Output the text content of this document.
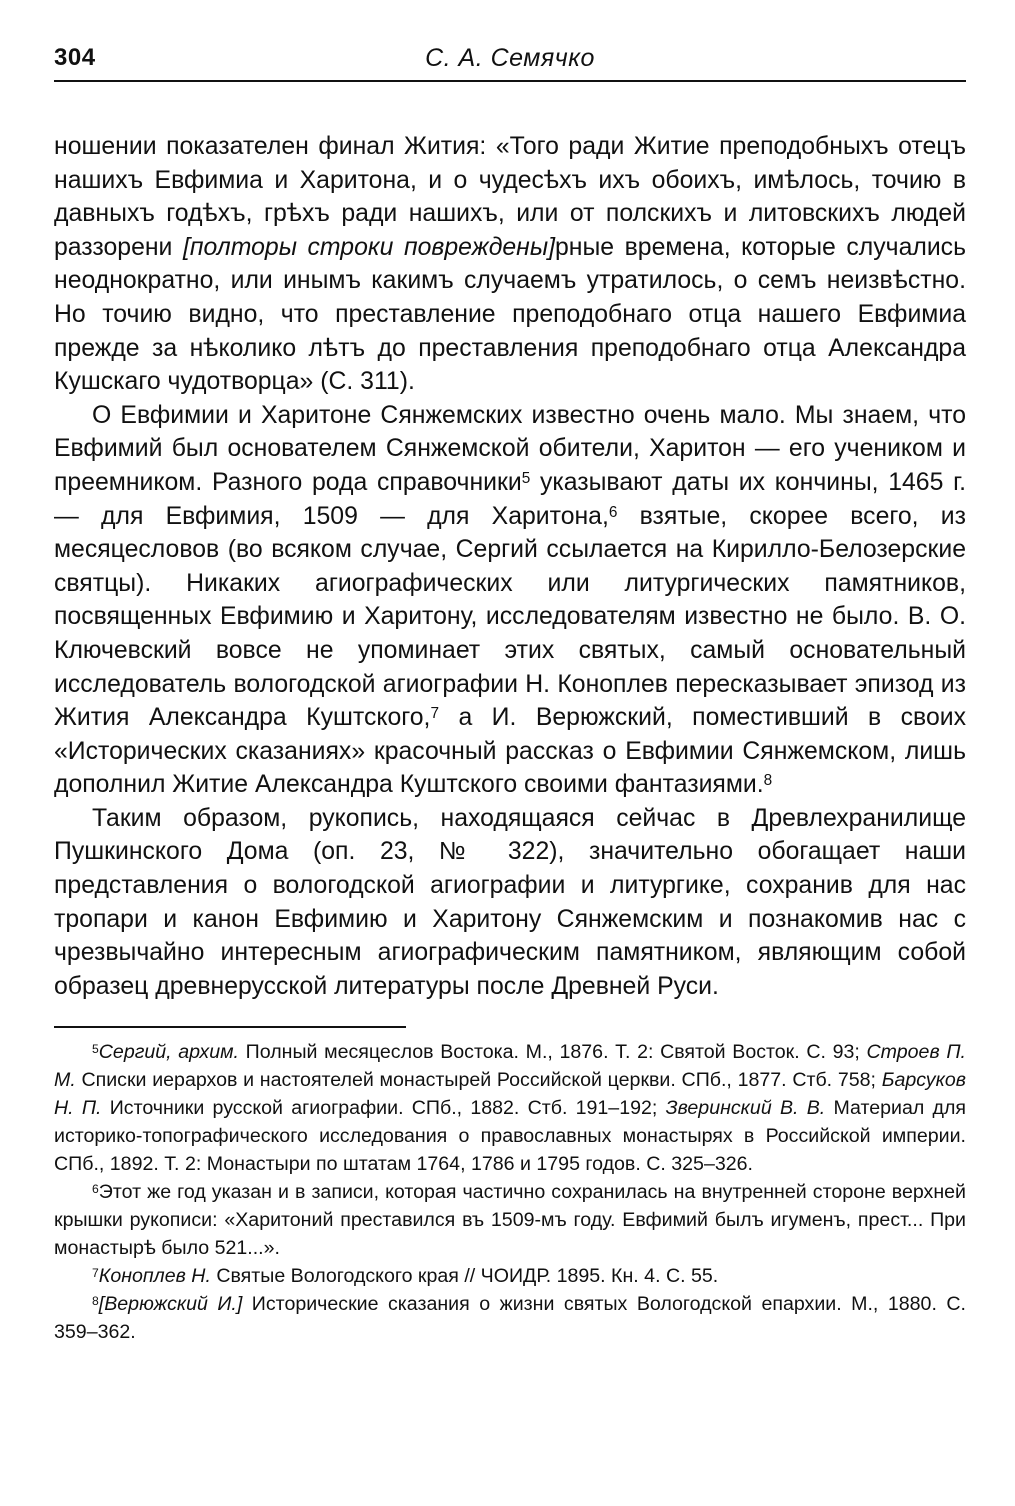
304	С. А. Семячко

ношении показателен финал Жития: «Того ради Житие преподобныхъ отецъ нашихъ Евфимиа и Харитона, и о чудесѣхъ ихъ обоихъ, имѣлось, точию в давныхъ годѣхъ, грѣхъ ради нашихъ, или от полскихъ и литовскихъ людей раззорени [полторы строки повреждены]рные времена, которые случались неоднократно, или инымъ какимъ случаемъ утратилось, о семъ неизвѣстно. Но точию видно, что преставление преподобнаго отца нашего Евфимиа прежде за нѣколико лѣтъ до преставления преподобнаго отца Александра Кушскаго чудотворца» (С. 311).

О Евфимии и Харитоне Сянжемских известно очень мало. Мы знаем, что Евфимий был основателем Сянжемской обители, Харитон — его учеником и преемником. Разного рода справочники$^5$ указывают даты их кончины, 1465 г. — для Евфимия, 1509 — для Харитона,$^6$ взятые, скорее всего, из месяцесловов (во всяком случае, Сергий ссылается на Кирилло-Белозерские святцы). Никаких агиографических или литургических памятников, посвященных Евфимию и Харитону, исследователям известно не было. В. О. Ключевский вовсе не упоминает этих святых, самый основательный исследователь вологодской агиографии Н. Коноплев пересказывает эпизод из Жития Александра Куштского,$^7$ а И. Верюжский, поместивший в своих «Исторических сказаниях» красочный рассказ о Евфимии Сянжемском, лишь дополнил Житие Александра Куштского своими фантазиями.$^8$

Таким образом, рукопись, находящаяся сейчас в Древлехранилище Пушкинского Дома (оп. 23, № 322), значительно обогащает наши представления о вологодской агиографии и литургике, сохранив для нас тропари и канон Евфимию и Харитону Сянжемским и познакомив нас с чрезвычайно интересным агиографическим памятником, являющим собой образец древнерусской литературы после Древней Руси.

$^5$Сергий, архим. Полный месяцеслов Востока. М., 1876. Т. 2: Святой Восток. С. 93; Строев П. М. Списки иерархов и настоятелей монастырей Российской церкви. СПб., 1877. Стб. 758; Барсуков Н. П. Источники русской агиографии. СПб., 1882. Стб. 191–192; Зверинский В. В. Материал для историко-топографического исследования о православных монастырях в Российской империи. СПб., 1892. Т. 2: Монастыри по штатам 1764, 1786 и 1795 годов. С. 325–326.

$^6$Этот же год указан и в записи, которая частично сохранилась на внутренней стороне верхней крышки рукописи: «Харитоний преставился въ 1509-мъ году. Евфимий былъ игуменъ, прест... При монастырѣ было 521...».

$^7$Коноплев Н. Святые Вологодского края // ЧОИДР. 1895. Кн. 4. С. 55.

$^8$[Верюжский И.] Исторические сказания о жизни святых Вологодской епархии. М., 1880. С. 359–362.
